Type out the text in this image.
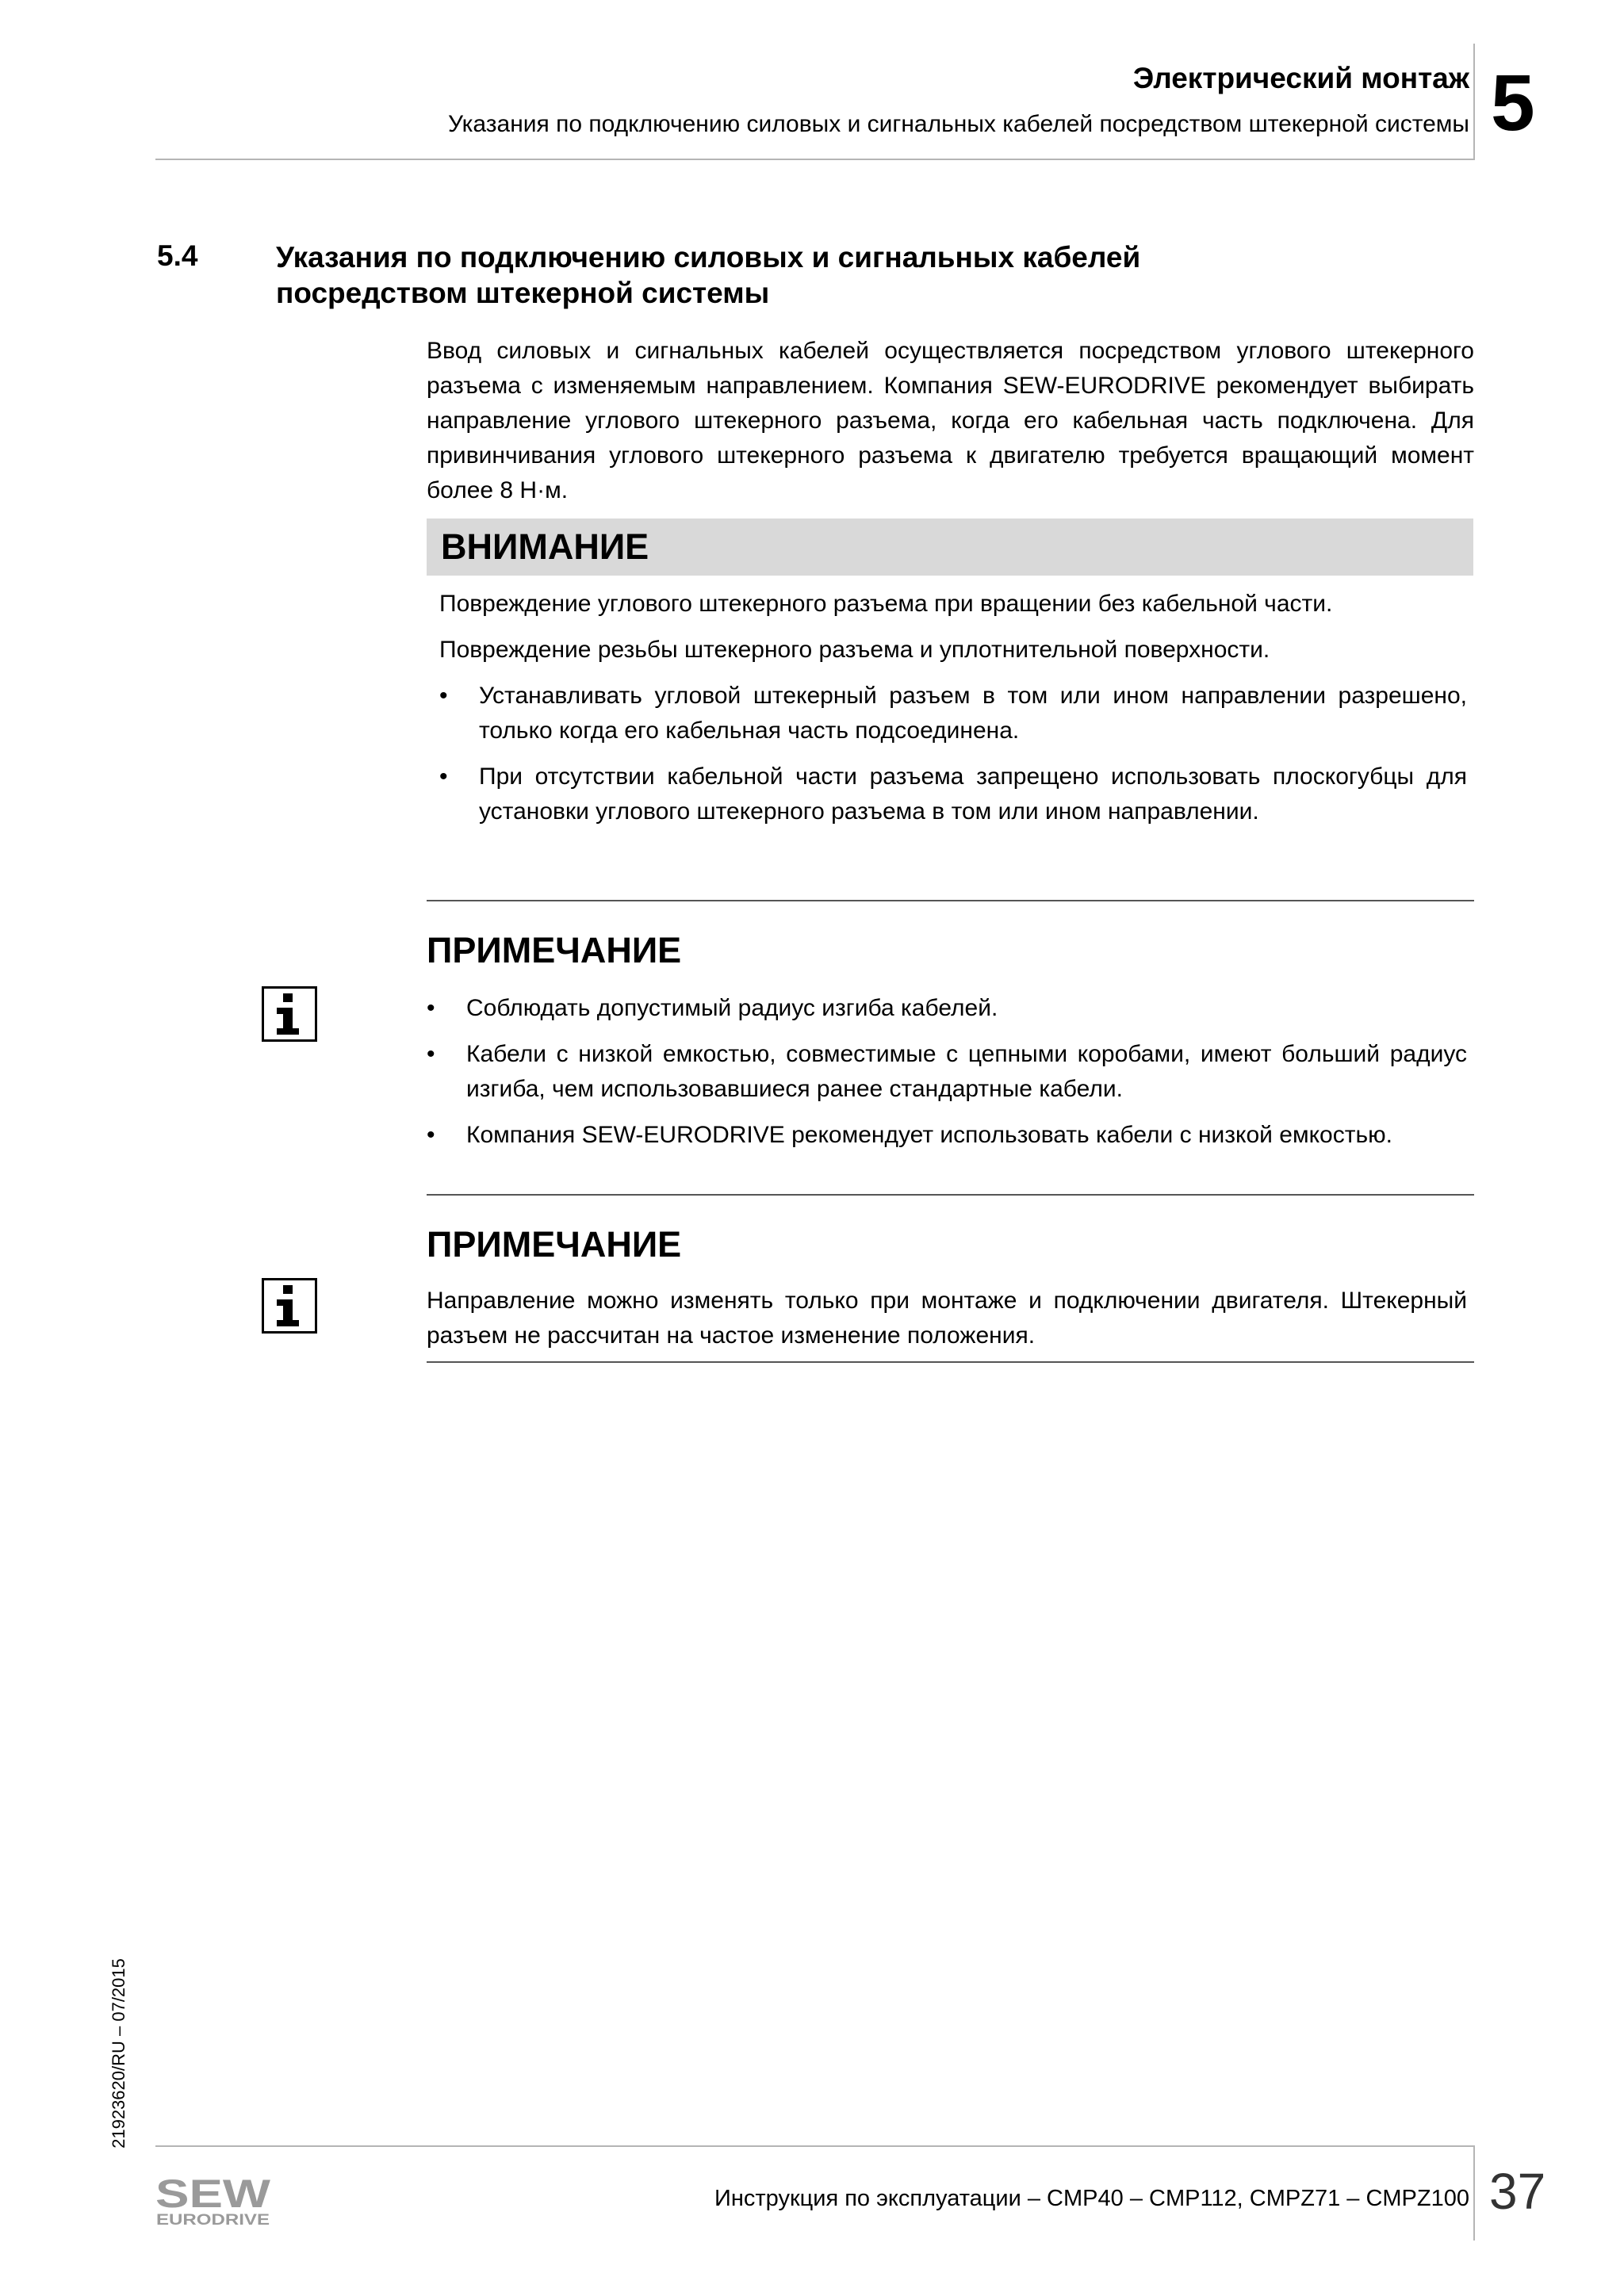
Электрический монтаж
Указания по подключению силовых и сигнальных кабелей посредством штекерной системы 5
5.4	Указания по подключению силовых и сигнальных кабелей
посредством штекерной системы

Ввод силовых и сигнальных кабелей осуществляется посредством углового штекерного разъема с изменяемым направлением. Компания SEW-EURODRIVE рекомендует выбирать направление углового штекерного разъема, когда его кабельная часть подключена. Для привинчивания углового штекерного разъема к двигателю требуется вращающий момент более 8 Н·м.

ВНИМАНИЕ

Повреждение углового штекерного разъема при вращении без кабельной части.

Повреждение резьбы штекерного разъема и уплотнительной поверхности.

• Устанавливать угловой штекерный разъем в том или ином направлении разрешено, только когда его кабельная часть подсоединена.
• При отсутствии кабельной части разъема запрещено использовать плоскогубцы для установки углового штекерного разъема в том или ином направлении.
ПРИМЕЧАНИЕ
• Соблюдать допустимый радиус изгиба кабелей.
• Кабели с низкой емкостью, совместимые с цепными коробами, имеют больший радиус изгиба, чем использовавшиеся ранее стандартные кабели.
• Компания SEW-EURODRIVE рекомендует использовать кабели с низкой емкостью.
ПРИМЕЧАНИЕ

Направление можно изменять только при монтаже и подключении двигателя. Штекерный разъем не рассчитан на частое изменение положения.

21923620/RU – 07/2015
Инструкция по эксплуатации – CMP40 – CMP112, CMPZ71 – CMPZ100 37
SEW
EURODRIVE
